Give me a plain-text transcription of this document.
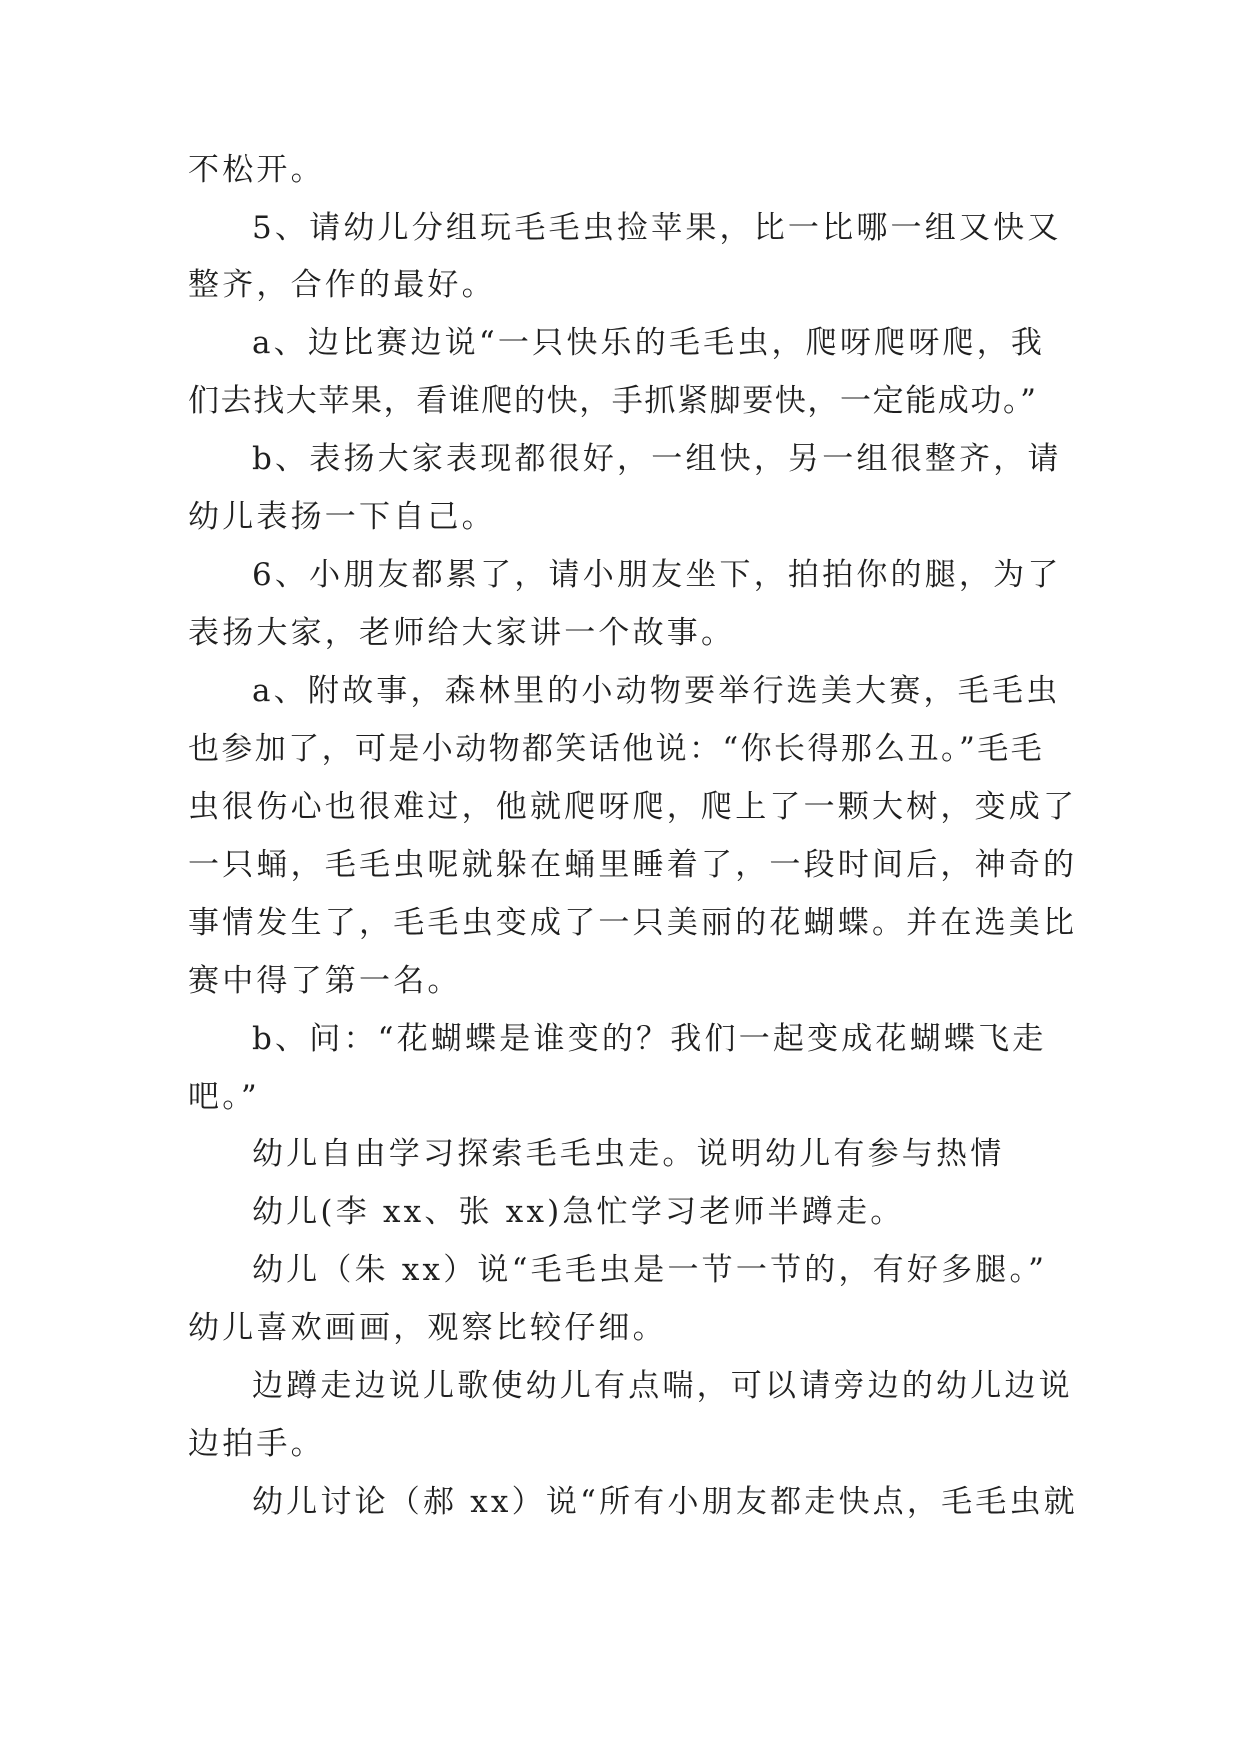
不松开。
5、请幼儿分组玩毛毛虫捡苹果，比一比哪一组又快又
整齐，合作的最好。
a、边比赛边说“一只快乐的毛毛虫，爬呀爬呀爬，我
们去找大苹果，看谁爬的快，手抓紧脚要快，一定能成功。”
b、表扬大家表现都很好，一组快，另一组很整齐，请
幼儿表扬一下自己。
6、小朋友都累了，请小朋友坐下，拍拍你的腿，为了
表扬大家，老师给大家讲一个故事。
a、附故事，森林里的小动物要举行选美大赛，毛毛虫
也参加了，可是小动物都笑话他说：“你长得那么丑。”毛毛
虫很伤心也很难过，他就爬呀爬，爬上了一颗大树，变成了
一只蛹，毛毛虫呢就躲在蛹里睡着了，一段时间后，神奇的
事情发生了，毛毛虫变成了一只美丽的花蝴蝶。并在选美比
赛中得了第一名。
b、问：“花蝴蝶是谁变的？我们一起变成花蝴蝶飞走
吧。”
幼儿自由学习探索毛毛虫走。说明幼儿有参与热情
幼儿(李 xx、张 xx)急忙学习老师半蹲走。
幼儿（朱 xx）说“毛毛虫是一节一节的，有好多腿。”
幼儿喜欢画画，观察比较仔细。
边蹲走边说儿歌使幼儿有点喘，可以请旁边的幼儿边说
边拍手。
幼儿讨论（郝 xx）说“所有小朋友都走快点，毛毛虫就
